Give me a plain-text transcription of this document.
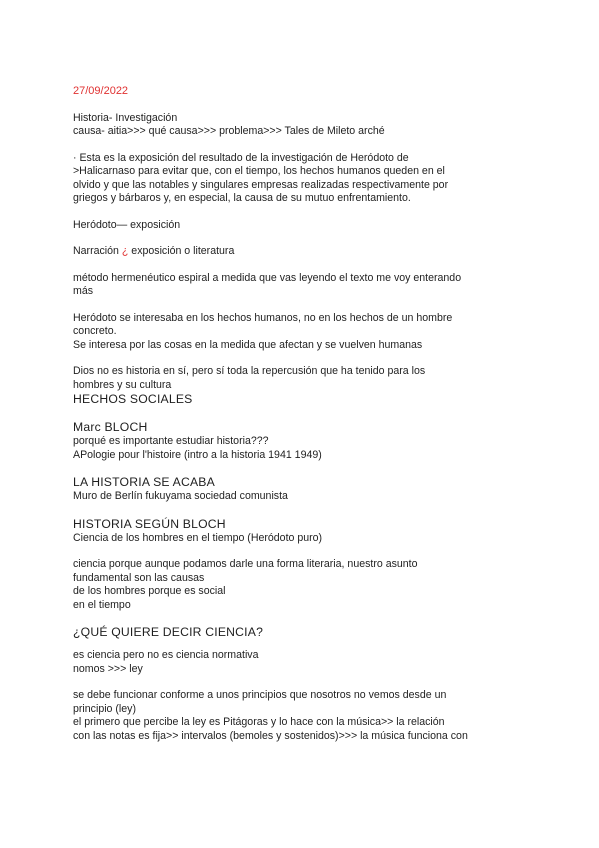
27/09/2022
Historia- Investigación
causa- aitia>>> qué causa>>> problema>>> Tales de Mileto arché
· Esta es la exposición del resultado de la investigación de Heródoto de
>Halicarnaso para evitar que, con el tiempo, los hechos humanos queden en el
olvido y que las notables y singulares empresas realizadas respectivamente por
griegos y bárbaros y, en especial, la causa de su mutuo enfrentamiento.
Heródoto— exposición
Narración ¿ exposición o literatura
método hermenéutico espiral a medida que vas leyendo el texto me voy enterando
más
Heródoto se interesaba en los hechos humanos, no en los hechos de un hombre
concreto.
Se interesa por las cosas en la medida que afectan y se vuelven humanas
Dios no es historia en sí, pero sí toda la repercusión que ha tenido para los
hombres y su cultura
HECHOS SOCIALES
Marc BLOCH
porqué es importante estudiar historia???
APologie pour l'histoire (intro a la historia 1941 1949)
LA HISTORIA SE ACABA
Muro de Berlín fukuyama sociedad comunista
HISTORIA SEGÚN BLOCH
Ciencia de los hombres en el tiempo (Heródoto puro)
ciencia porque aunque podamos darle una forma literaria, nuestro asunto
fundamental son las causas
de los hombres porque es social
en el tiempo
¿QUÉ QUIERE DECIR CIENCIA?
es ciencia pero no es ciencia normativa
nomos >>> ley
se debe funcionar conforme a unos principios que nosotros no vemos desde un
principio (ley)
el primero que percibe la ley es Pitágoras y lo hace con la música>> la relación
con las notas es fija>> intervalos (bemoles y sostenidos)>>> la música funciona con
